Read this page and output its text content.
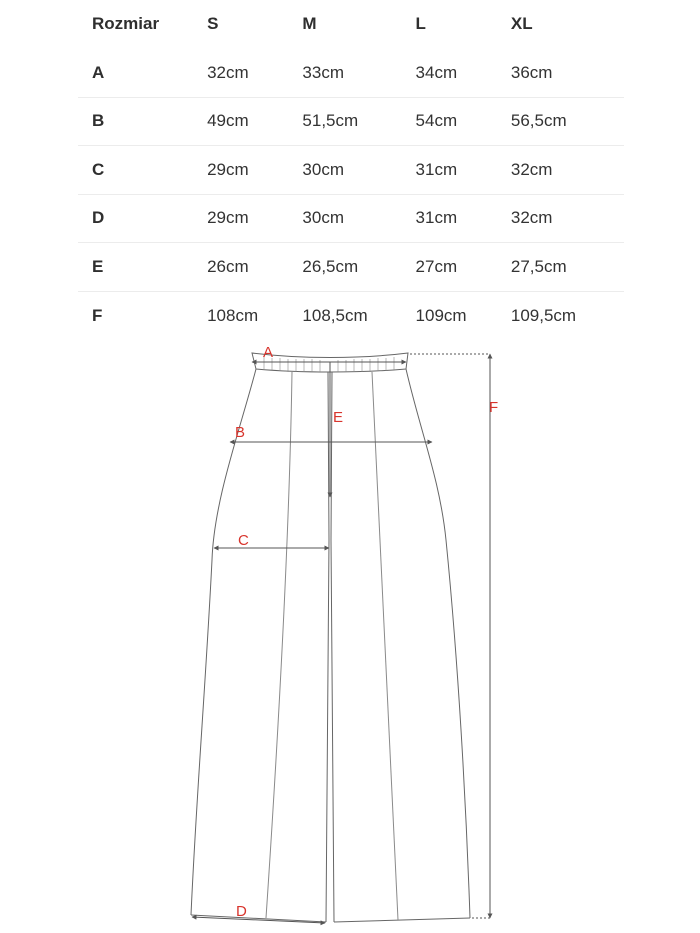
Rozmiar	S	M	L	XL
A	32cm	33cm	34cm	36cm
B	49cm	51,5cm	54cm	56,5cm
C	29cm	30cm	31cm	32cm
D	29cm	30cm	31cm	32cm
E	26cm	26,5cm	27cm	27,5cm
F	108cm	108,5cm	109cm	109,5cm
A
B
C
D
E
F
